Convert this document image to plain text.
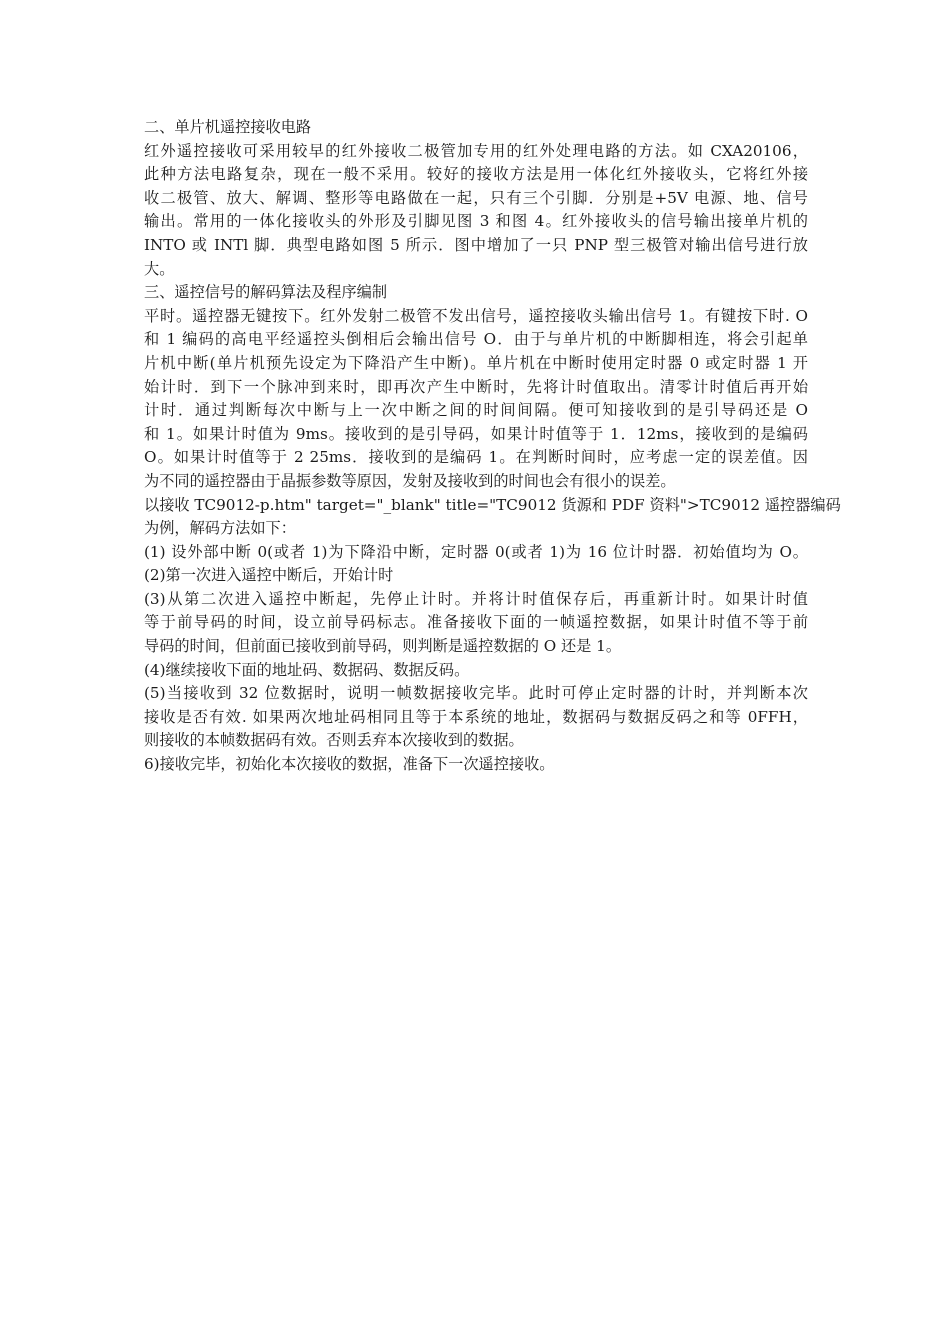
二、单片机遥控接收电路
红外遥控接收可采用较早的红外接收二极管加专用的红外处理电路的方法。如 CXA20106，
此种方法电路复杂，现在一般不采用。较好的接收方法是用一体化红外接收头，它将红外接
收二极管、放大、解调、整形等电路做在一起，只有三个引脚．分别是+5V 电源、地、信号
输出。常用的一体化接收头的外形及引脚见图 3 和图 4。红外接收头的信号输出接单片机的
INTO 或 INTl 脚．典型电路如图 5 所示．图中增加了一只 PNP 型三极管对输出信号进行放
大。
三、遥控信号的解码算法及程序编制
平时。遥控器无键按下。红外发射二极管不发出信号，遥控接收头输出信号 1。有键按下时. O
和 1 编码的高电平经遥控头倒相后会输出信号 O．由于与单片机的中断脚相连，将会引起单
片机中断(单片机预先设定为下降沿产生中断)。单片机在中断时使用定时器 0 或定时器 1 开
始计时．到下一个脉冲到来时，即再次产生中断时，先将计时值取出。清零计时值后再开始
计时．通过判断每次中断与上一次中断之间的时间间隔。便可知接收到的是引导码还是 O
和 1。如果计时值为 9ms。接收到的是引导码，如果计时值等于 1．12ms，接收到的是编码
O。如果计时值等于 2 25ms．接收到的是编码 1。在判断时间时，应考虑一定的误差值。因
为不同的遥控器由于晶振参数等原因，发射及接收到的时间也会有很小的误差。
以接收 TC9012-p.htm" target="_blank" title="TC9012 货源和 PDF 资料">TC9012 遥控器编码
为例，解码方法如下：
(1) 设外部中断 0(或者 1)为下降沿中断，定时器 0(或者 1)为 16 位计时器．初始值均为 O。
(2)第一次进入遥控中断后，开始计时
(3)从第二次进入遥控中断起，先停止计时。并将计时值保存后，再重新计时。如果计时值
等于前导码的时间，设立前导码标志。准备接收下面的一帧遥控数据，如果计时值不等于前
导码的时间，但前面已接收到前导码，则判断是遥控数据的 O 还是 1。
(4)继续接收下面的地址码、数据码、数据反码。
(5)当接收到 32 位数据时，说明一帧数据接收完毕。此时可停止定时器的计时，并判断本次
接收是否有效. 如果两次地址码相同且等于本系统的地址，数据码与数据反码之和等 0FFH，
则接收的本帧数据码有效。否则丢弃本次接收到的数据。
6)接收完毕，初始化本次接收的数据，准备下一次遥控接收。
